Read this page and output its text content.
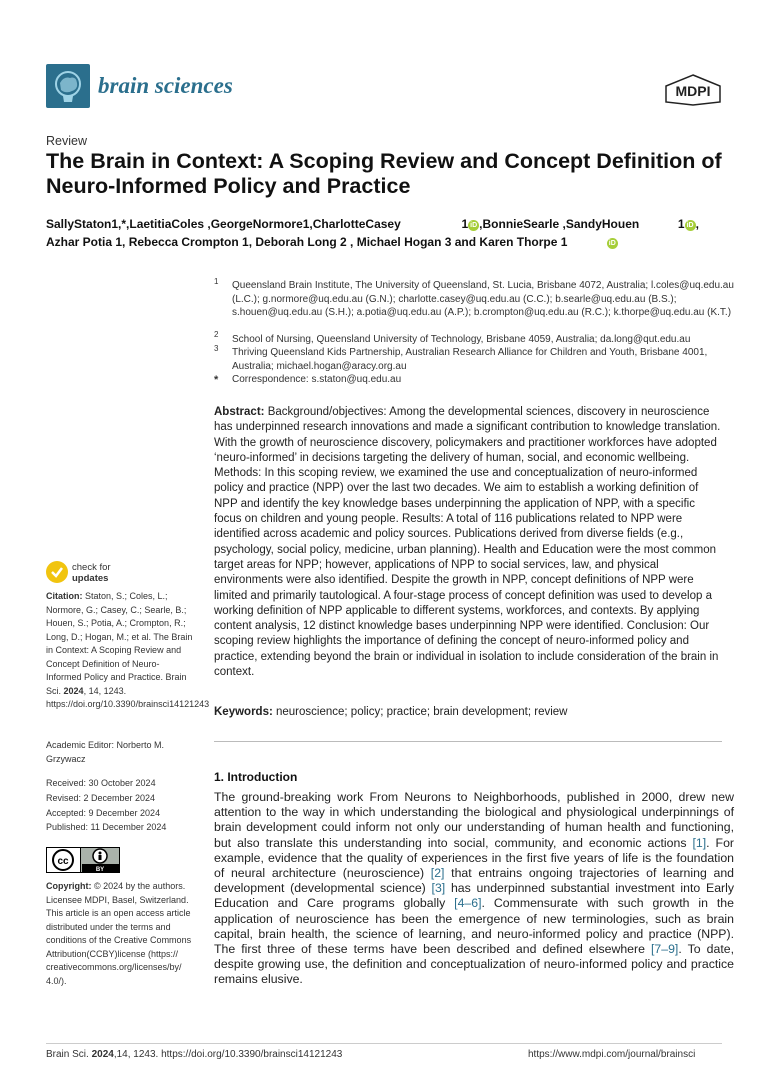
brain sciences	MDPI
Review
The Brain in Context: A Scoping Review and Concept Definition of Neuro-Informed Policy and Practice
SallyStaton1,*,LaetitiaColes ,GeorgeNormore1,CharlotteCasey	1 iD ,BonnieSearle ,SandyHouen	1 iD ,
Azhar Potia 1, Rebecca Crompton 1, Deborah Long 2 , Michael Hogan 3 and Karen Thorpe 1	iD
1 Queensland Brain Institute, The University of Queensland, St. Lucia, Brisbane 4072, Australia; l.coles@uq.edu.au (L.C.); g.normore@uq.edu.au (G.N.); charlotte.casey@uq.edu.au (C.C.); b.searle@uq.edu.au (B.S.); s.houen@uq.edu.au (S.H.); a.potia@uq.edu.au (A.P.); b.crompton@uq.edu.au (R.C.); k.thorpe@uq.edu.au (K.T.)
2 School of Nursing, Queensland University of Technology, Brisbane 4059, Australia; da.long@qut.edu.au
3 Thriving Queensland Kids Partnership, Australian Research Alliance for Children and Youth, Brisbane 4001, Australia; michael.hogan@aracy.org.au
* Correspondence: s.staton@uq.edu.au
Abstract: Background/objectives: Among the developmental sciences, discovery in neuroscience has underpinned research innovations and made a significant contribution to knowledge translation. With the growth of neuroscience discovery, policymakers and practitioner workforces have adopted ‘neuro-informed’ in decisions targeting the delivery of human, social, and economic wellbeing. Methods: In this scoping review, we examined the use and conceptualization of neuro-informed policy and practice (NPP) over the last two decades. We aim to establish a working definition of NPP and identify the key knowledge bases underpinning the application of NPP, with a specific focus on children and young people. Results: A total of 116 publications related to NPP were identified across academic and policy sources. Publications derived from diverse fields (e.g., psychology, social policy, medicine, urban planning). Health and Education were the most common target areas for NPP; however, applications of NPP to social services, law, and physical environments were also identified. Despite the growth in NPP, concept definitions of NPP were limited and primarily tautological. A four-stage process of concept definition was used to develop a working definition of NPP applicable to different systems, workforces, and contexts. By applying content analysis, 12 distinct knowledge bases underpinning NPP were identified. Conclusion: Our scoping review highlights the importance of defining the concept of neuro-informed policy and practice, extending beyond the brain or individual in isolation to include consideration of the brain in context.
Keywords: neuroscience; policy; practice; brain development; review
1. Introduction
The ground-breaking work From Neurons to Neighborhoods, published in 2000, drew new attention to the way in which understanding the biological and physiological underpinnings of brain development could inform not only our understanding of human health and functioning, but also translate this understanding into social, community, and economic actions [1]. For example, evidence that the quality of experiences in the first five years of life is the foundation of neural architecture (neuroscience) [2] that entrains ongoing trajectories of learning and development (developmental science) [3] has underpinned substantial investment into Early Education and Care programs globally [4–6]. Commensurate with such growth in the application of neuroscience has been the emergence of new terminologies, such as brain capital, brain health, the science of learning, and neuro-informed policy and practice (NPP). The first three of these terms have been described and defined elsewhere [7–9]. To date, despite growing use, the definition and conceptualization of neuro-informed policy and practice remains elusive.
check for
updates
Citation: Staton, S.; Coles, L.; Normore, G.; Casey, C.; Searle, B.; Houen, S.; Potia, A.; Crompton, R.; Long, D.; Hogan, M.; et al. The Brain in Context: A Scoping Review and Concept Definition of Neuro-Informed Policy and Practice. Brain Sci. 2024, 14, 1243. https://doi.org/10.3390/brainsci14121243
Academic Editor: Norberto M. Grzywacz
Received: 30 October 2024
Revised: 2 December 2024
Accepted: 9 December 2024
Published: 11 December 2024
cc
BY
Copyright: © 2024 by the authors. Licensee MDPI, Basel, Switzerland. This article is an open access article distributed under the terms and conditions of the Creative Commons Attribution(CCBY)license (https:// creativecommons.org/licenses/by/ 4.0/).
Brain Sci. 2024,14, 1243. https://doi.org/10.3390/brainsci14121243	https://www.mdpi.com/journal/brainsci
